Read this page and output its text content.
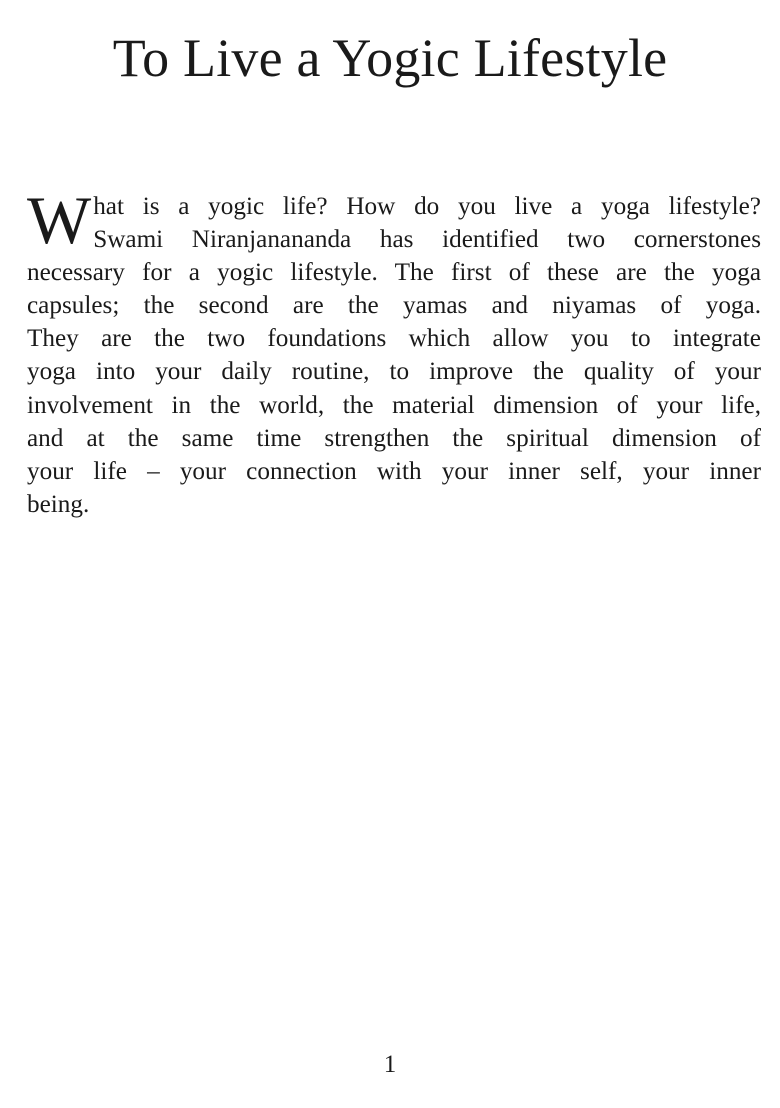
To Live a Yogic Lifestyle
W hat is a yogic life? How do you live a yoga lifestyle?
Swami Niranjanananda has identified two cornerstones
necessary for a yogic lifestyle. The first of these are the yoga
capsules; the second are the yamas and niyamas of yoga.
They are the two foundations which allow you to integrate
yoga into your daily routine, to improve the quality of your
involvement in the world, the material dimension of your life,
and at the same time strengthen the spiritual dimension of
your life – your connection with your inner self, your inner
being.
1
